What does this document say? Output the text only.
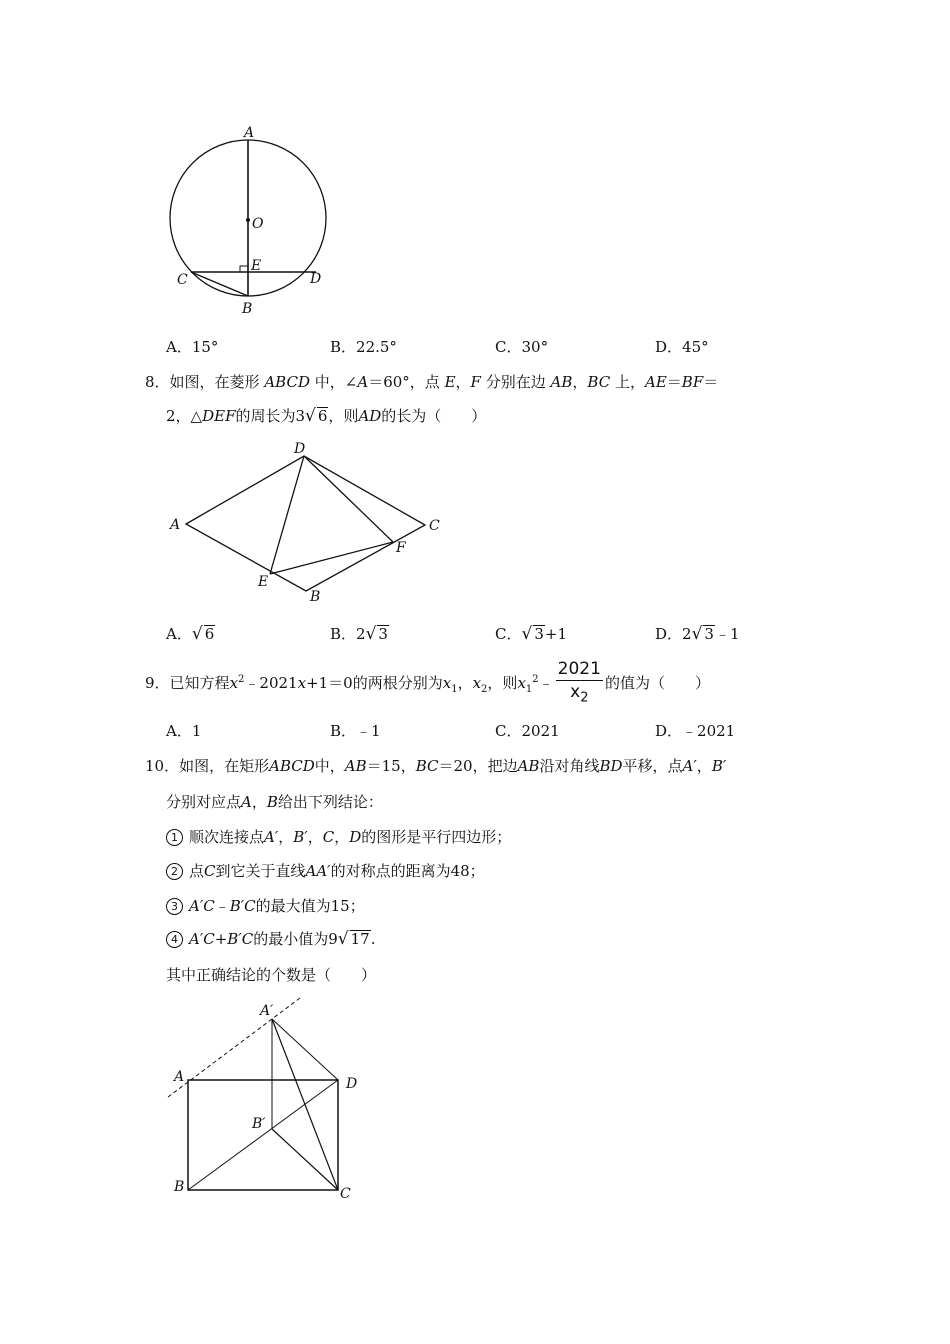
A
O
E
C	D
B
A．15°	B．22.5°	C．30°	D．45°
8．如图，在菱形 ABCD 中，∠A＝60°，点 E，F 分别在边 AB，BC 上，AE＝BF＝
2，△DEF的周长为3√ 6，则AD的长为（　　）
D
A	C
F
E
B
A．√ 6	B．2√ 3	C．√ 3+1	D．2√ 3﹣1
9．已知方程$x^2﹣2021x+1=0$的两根分别为$x_1$，$x_2$，则$x_1^2﹣ \frac{2021}{x_2}$ 的值为（　　）
A．1	B．﹣1	C．2021	D．﹣2021
10．如图，在矩形ABCD中，AB＝15，BC＝20，把边AB沿对角线BD平移，点A′，B′
分别对应点A，B给出下列结论：
1 顺次连接点A′，B′，C，D的图形是平行四边形；
2 点C到它关于直线AA′的对称点的距离为48；
3 A′C﹣B′C的最大值为15；
4 A′C+B′C的最小值为9√ 17.
其中正确结论的个数是（　　）
A′
A	D
B′
B	C
